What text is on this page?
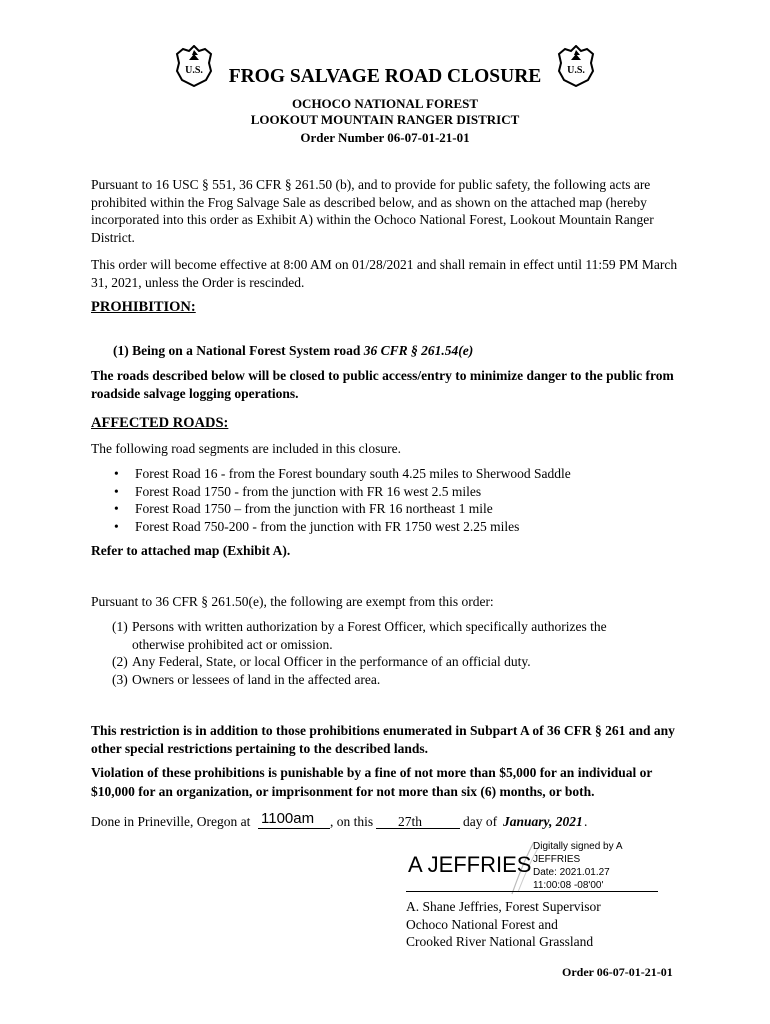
U.S.	U.S.
FROG SALVAGE ROAD CLOSURE
OCHOCO NATIONAL FOREST
LOOKOUT MOUNTAIN RANGER DISTRICT
Order Number 06-07-01-21-01
Pursuant to 16 USC § 551, 36 CFR § 261.50 (b), and to provide for public safety, the following acts are prohibited within the Frog Salvage Sale as described below, and as shown on the attached map (hereby incorporated into this order as Exhibit A) within the Ochoco National Forest, Lookout Mountain Ranger District.
This order will become effective at 8:00 AM on 01/28/2021 and shall remain in effect until 11:59 PM March 31, 2021, unless the Order is rescinded.
PROHIBITION:
(1) Being on a National Forest System road 36 CFR § 261.54(e)
The roads described below will be closed to public access/entry to minimize danger to the public from roadside salvage logging operations.
AFFECTED ROADS:
The following road segments are included in this closure.
• Forest Road 16 - from the Forest boundary south 4.25 miles to Sherwood Saddle
• Forest Road 1750 - from the junction with FR 16 west 2.5 miles
• Forest Road 1750 – from the junction with FR 16 northeast 1 mile
• Forest Road 750-200 - from the junction with FR 1750 west 2.25 miles
Refer to attached map (Exhibit A).
Pursuant to 36 CFR § 261.50(e), the following are exempt from this order:
(1) Persons with written authorization by a Forest Officer, which specifically authorizes the otherwise prohibited act or omission.
(2) Any Federal, State, or local Officer in the performance of an official duty.
(3) Owners or lessees of land in the affected area.
This restriction is in addition to those prohibitions enumerated in Subpart A of 36 CFR § 261 and any other special restrictions pertaining to the described lands.
Violation of these prohibitions is punishable by a fine of not more than $5,000 for an individual or $10,000 for an organization, or imprisonment for not more than six (6) months, or both.
Done in Prineville, Oregon at 1100am , on this 27th	day of January, 2021 .
A JEFFRIES
Digitally signed by A
JEFFRIES
Date: 2021.01.27
11:00:08 -08'00'
A. Shane Jeffries, Forest Supervisor
Ochoco National Forest and
Crooked River National Grassland
Order 06-07-01-21-01
